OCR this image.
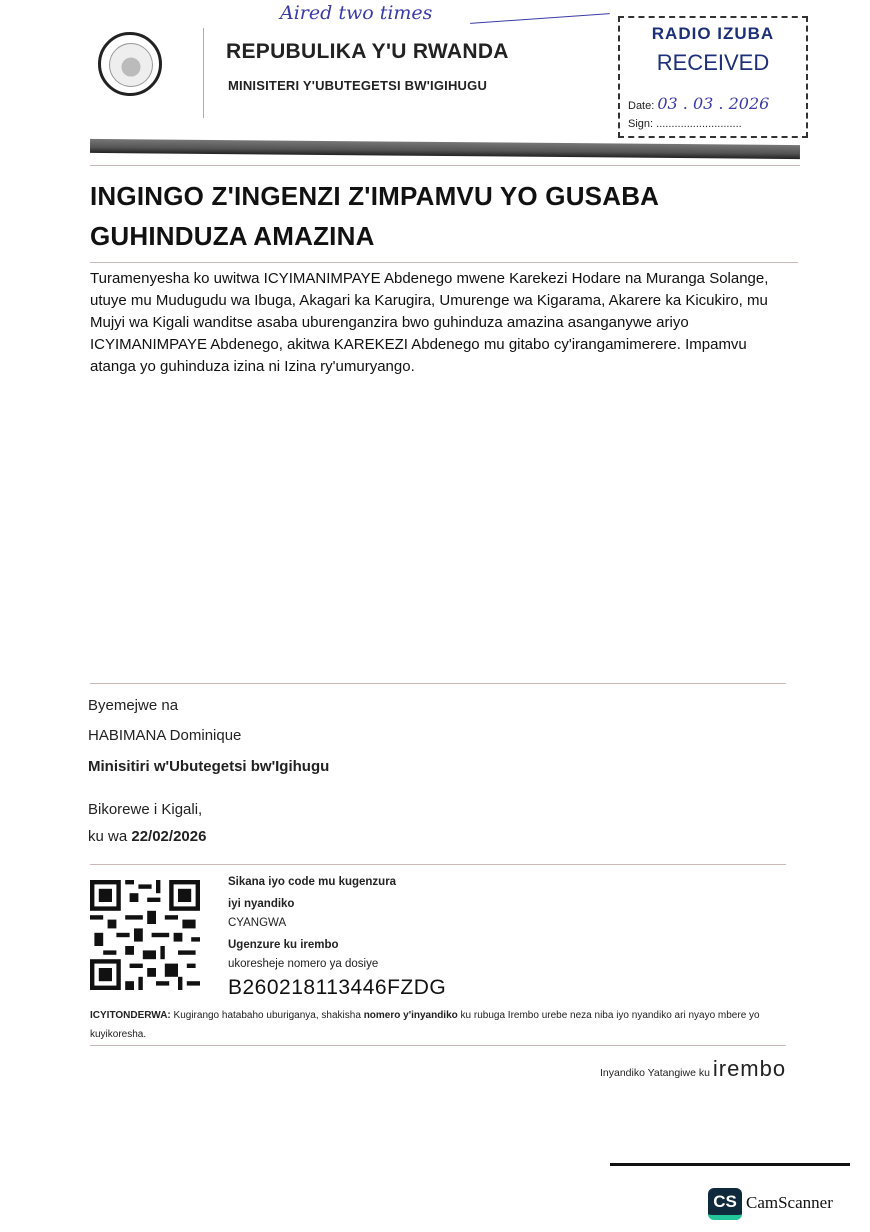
Aired two times
REPUBULIKA Y'U RWANDA
MINISITERI Y'UBUTEGETSI BW'IGIHUGU
RADIO IZUBA
RECEIVED
Date: 03 . 03 . 2026
Sign: ............................
INGINGO Z'INGENZI Z'IMPAMVU YO GUSABA
GUHINDUZA AMAZINA
Turamenyesha ko uwitwa ICYIMANIMPAYE Abdenego mwene Karekezi Hodare na Muranga Solange, utuye mu Mudugudu wa Ibuga, Akagari ka Karugira, Umurenge wa Kigarama, Akarere ka Kicukiro, mu Mujyi wa Kigali wanditse asaba uburenganzira bwo guhinduza amazina asanganywe ariyo ICYIMANIMPAYE Abdenego, akitwa KAREKEZI Abdenego mu gitabo cy'irangamimerere. Impamvu atanga yo guhinduza izina ni Izina ry'umuryango.
Byemejwe na
HABIMANA Dominique
Minisitiri w'Ubutegetsi bw'Igihugu
Bikorewe i Kigali,
ku wa 22/02/2026
Sikana iyo code mu kugenzura
iyi nyandiko
CYANGWA
Ugenzure ku irembo
ukoresheje nomero ya dosiye
B260218113446FZDG
ICYITONDERWA: Kugirango hatabaho uburiganya, shakisha nomero y'inyandiko ku rubuga Irembo urebe neza niba iyo nyandiko ari nyayo mbere yo kuyikoresha.
Inyandiko Yatangiwe ku irembo
CS CamScanner
